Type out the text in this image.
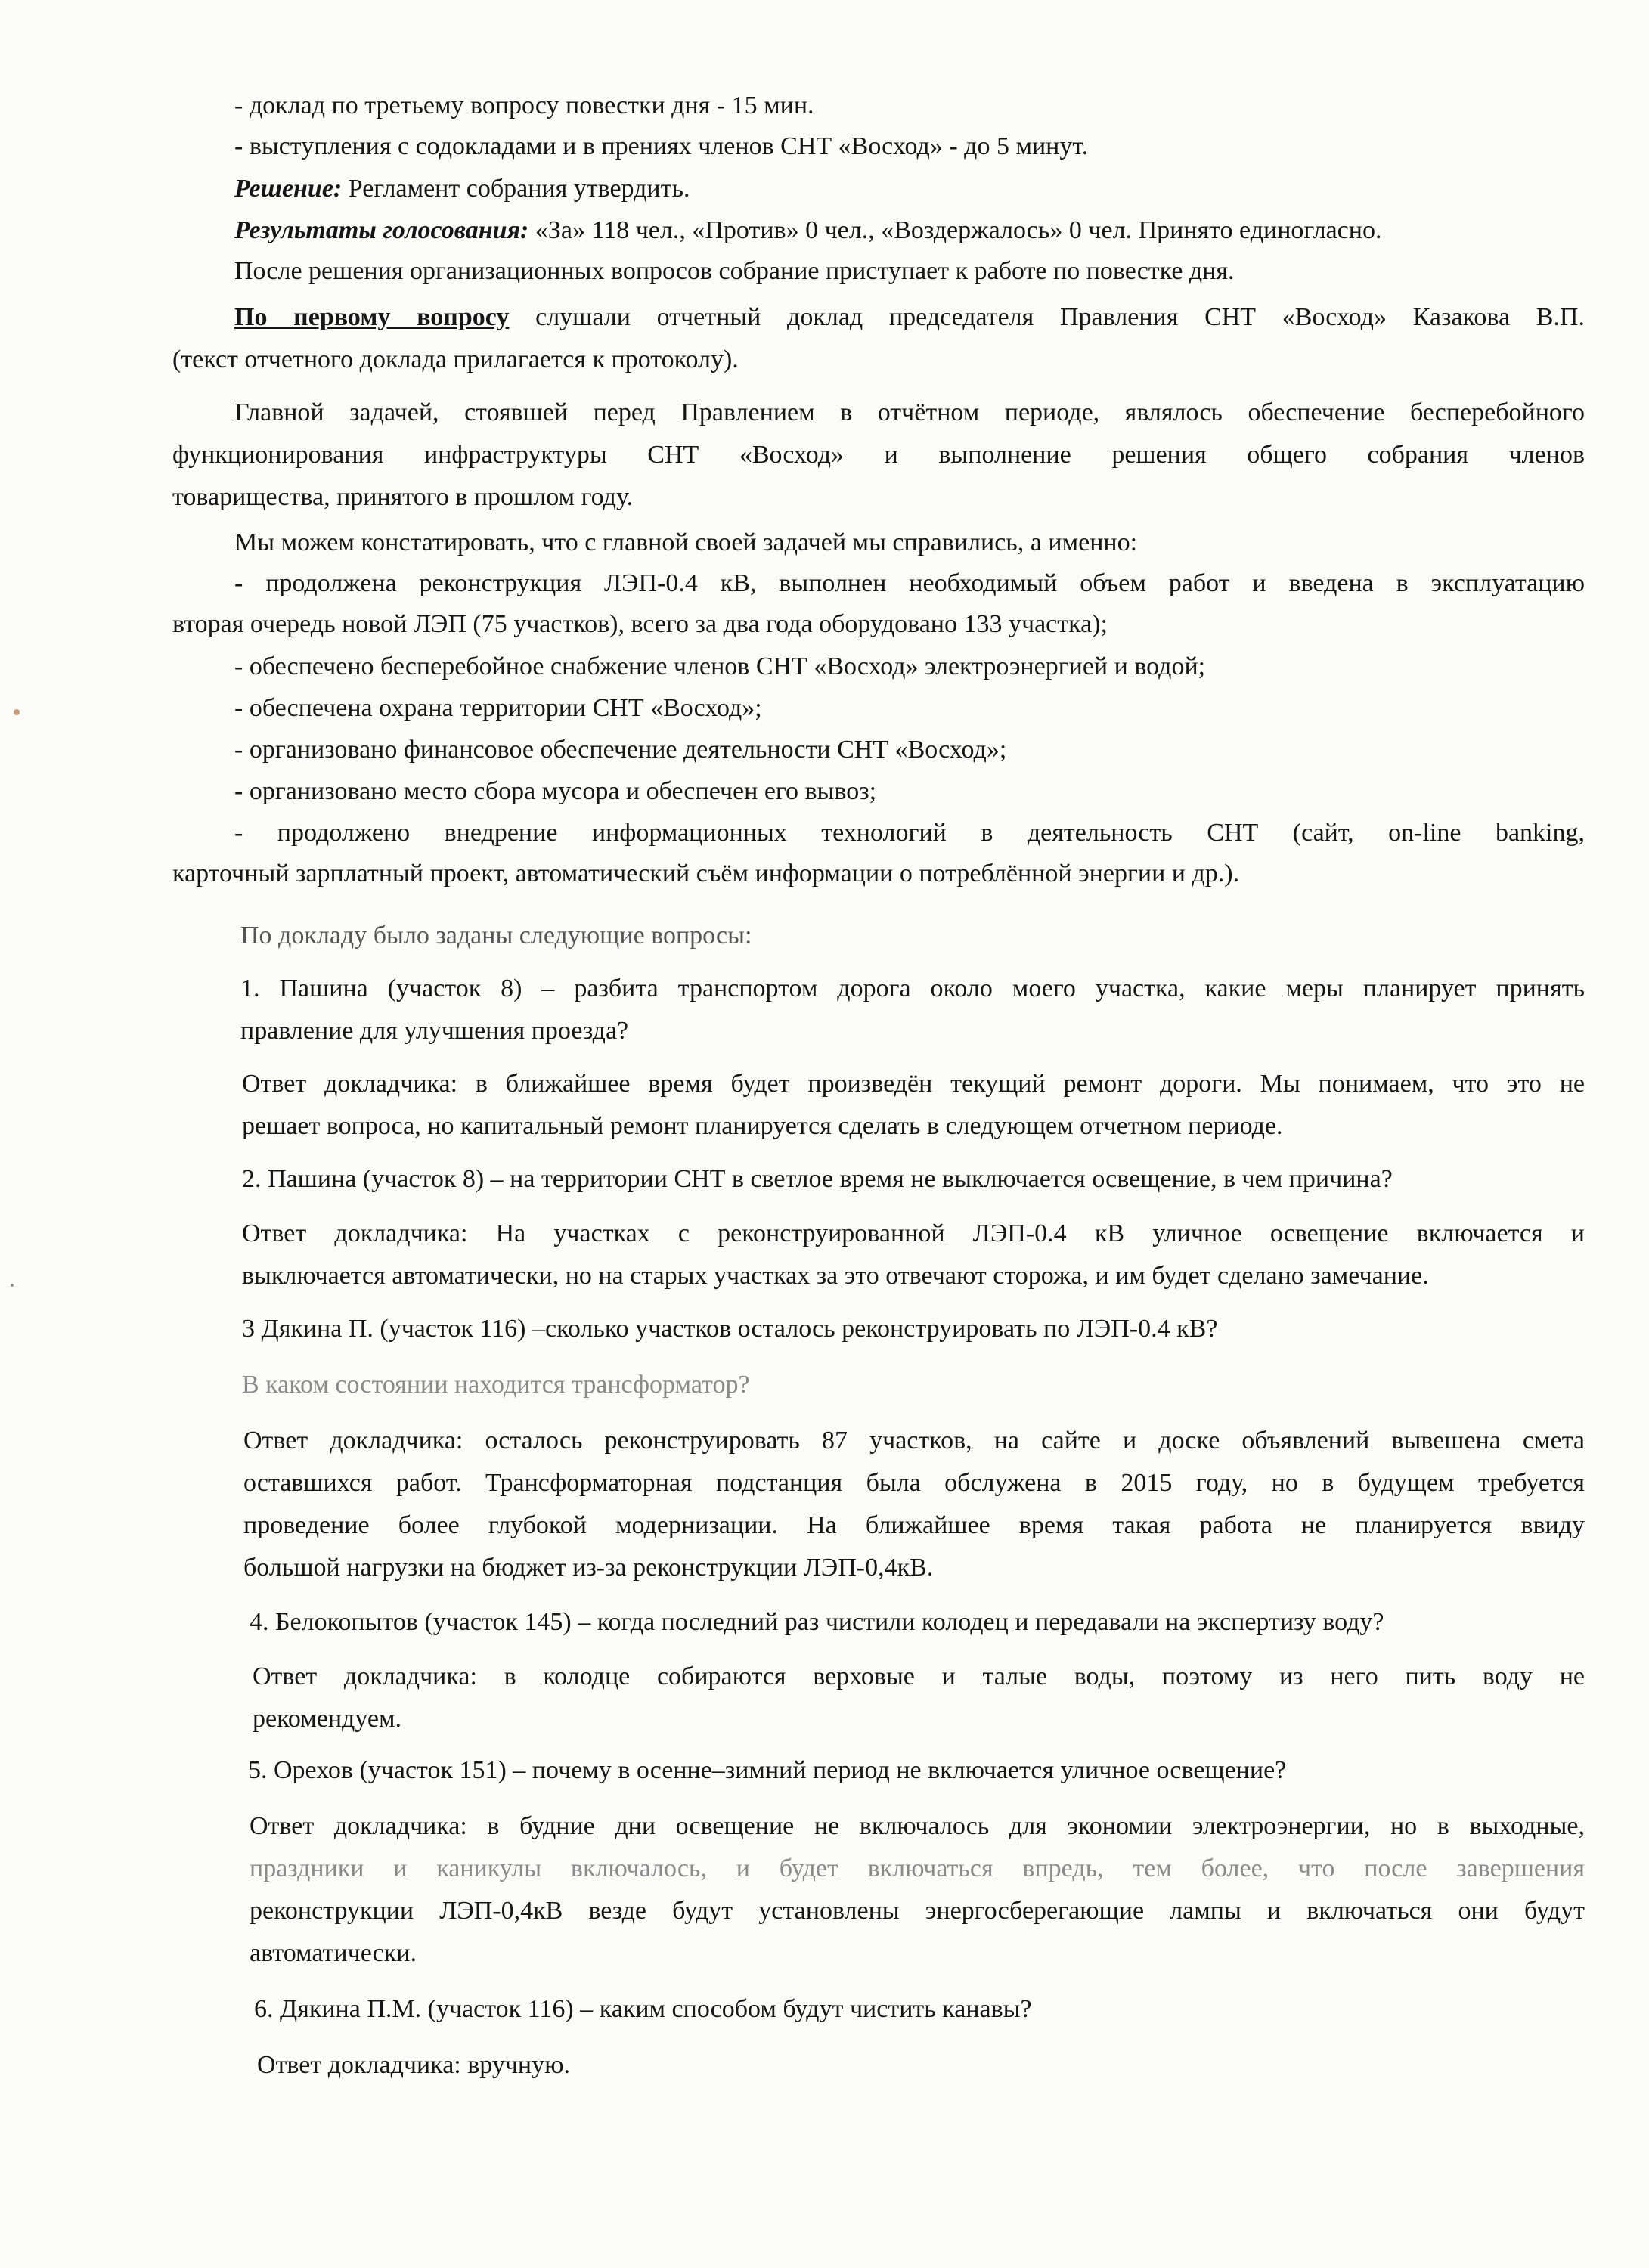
- доклад по третьему вопросу повестки дня - 15 мин.
- выступления с содокладами и в прениях членов СНТ «Восход» - до 5 минут.
Решение: Регламент собрания утвердить.
Результаты голосования: «За» 118 чел., «Против» 0 чел., «Воздержалось» 0 чел. Принято единогласно.
После решения организационных вопросов собрание приступает к работе по повестке дня.
По первому вопросу слушали отчетный доклад председателя Правления СНТ «Восход» Казакова В.П.
(текст отчетного доклада прилагается к протоколу).
Главной задачей, стоявшей перед Правлением в отчётном периоде, являлось обеспечение бесперебойного
функционирования инфраструктуры СНТ «Восход» и выполнение решения общего собрания членов
товарищества, принятого в прошлом году.
Мы можем констатировать, что с главной своей задачей мы справились, а именно:
- продолжена реконструкция ЛЭП-0.4 кВ, выполнен необходимый объем работ и введена в эксплуатацию
вторая очередь новой ЛЭП (75 участков), всего за два года оборудовано 133 участка);
- обеспечено бесперебойное снабжение членов СНТ «Восход» электроэнергией и водой;
- обеспечена охрана территории СНТ «Восход»;
- организовано финансовое обеспечение деятельности СНТ «Восход»;
- организовано место сбора мусора и обеспечен его вывоз;
- продолжено внедрение информационных технологий в деятельность СНТ (сайт, on-line banking,
карточный зарплатный проект, автоматический съём информации о потреблённой энергии и др.).
По докладу было заданы следующие вопросы:
1. Пашина (участок 8) – разбита транспортом дорога около моего участка, какие меры планирует принять
правление для улучшения проезда?
Ответ докладчика: в ближайшее время будет произведён текущий ремонт дороги. Мы понимаем, что это не
решает вопроса, но капитальный ремонт планируется сделать в следующем отчетном периоде.
2. Пашина (участок 8) – на территории СНТ в светлое время не выключается освещение, в чем причина?
Ответ докладчика: На участках с реконструированной ЛЭП-0.4 кВ уличное освещение включается и
выключается автоматически, но на старых участках за это отвечают сторожа, и им будет сделано замечание.
3 Дякина П. (участок 116) –сколько участков осталось реконструировать по ЛЭП-0.4 кВ?
В каком состоянии находится трансформатор?
Ответ докладчика: осталось реконструировать 87 участков, на сайте и доске объявлений вывешена смета
оставшихся работ. Трансформаторная подстанция была обслужена в 2015 году, но в будущем требуется
проведение более глубокой модернизации. На ближайшее время такая работа не планируется ввиду
большой нагрузки на бюджет из-за реконструкции ЛЭП-0,4кВ.
4. Белокопытов (участок 145) – когда последний раз чистили колодец и передавали на экспертизу воду?
Ответ докладчика: в колодце собираются верховые и талые воды, поэтому из него пить воду не
рекомендуем.
5. Орехов (участок 151) – почему в осенне–зимний период не включается уличное освещение?
Ответ докладчика: в будние дни освещение не включалось для экономии электроэнергии, но в выходные,
праздники и каникулы включалось, и будет включаться впредь, тем более, что после завершения
реконструкции ЛЭП-0,4кВ везде будут установлены энергосберегающие лампы и включаться они будут
автоматически.
6. Дякина П.М. (участок 116) – каким способом будут чистить канавы?
Ответ докладчика: вручную.
